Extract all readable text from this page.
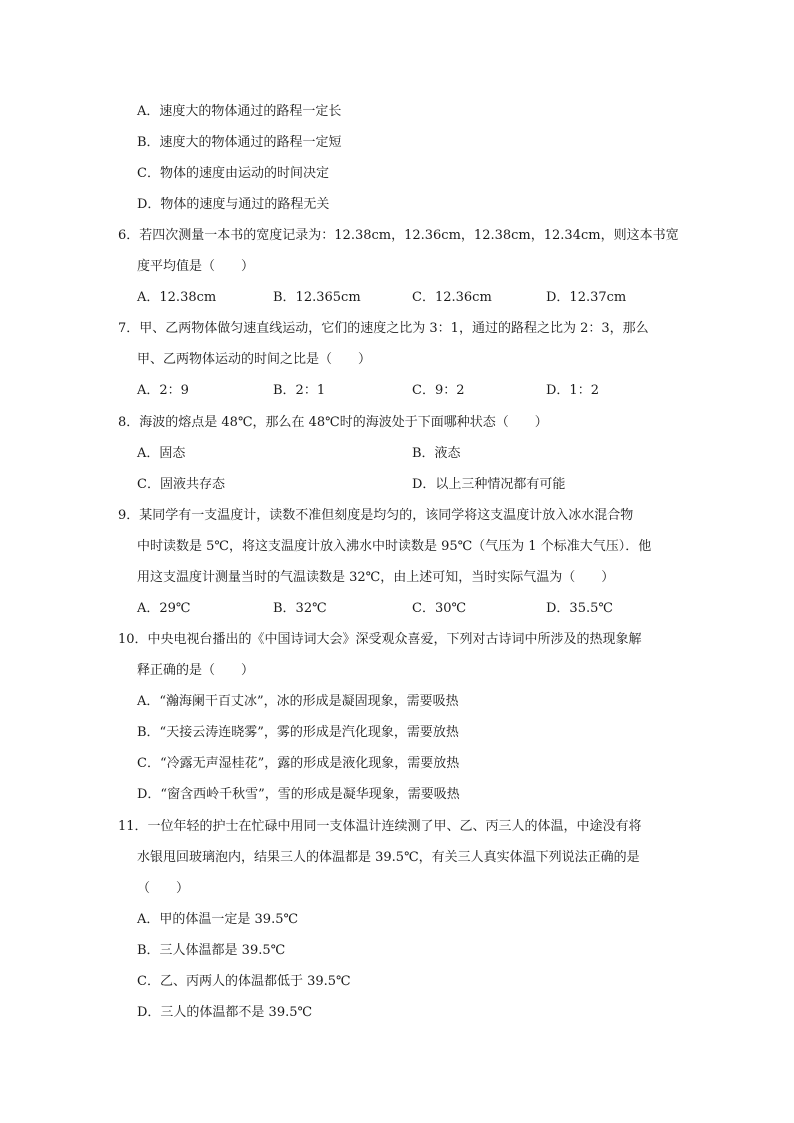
A．速度大的物体通过的路程一定长
B．速度大的物体通过的路程一定短
C．物体的速度由运动的时间决定
D．物体的速度与通过的路程无关
6．若四次测量一本书的宽度记录为：12.38cm，12.36cm，12.38cm，12.34cm，则这本书宽
度平均值是（　　）
A．12.38cm	B．12.365cm	C．12.36cm	D．12.37cm
7．甲、乙两物体做匀速直线运动，它们的速度之比为 3：1，通过的路程之比为 2：3，那么
甲、乙两物体运动的时间之比是（　　）
A．2：9	B．2：1	C．9：2	D．1：2
8．海波的熔点是 48℃，那么在 48℃时的海波处于下面哪种状态（　　）
A．固态	B．液态
C．固液共存态	D．以上三种情况都有可能
9．某同学有一支温度计，读数不准但刻度是均匀的，该同学将这支温度计放入冰水混合物
中时读数是 5℃，将这支温度计放入沸水中时读数是 95℃（气压为 1 个标准大气压）．他
用这支温度计测量当时的气温读数是 32℃，由上述可知，当时实际气温为（　　）
A．29℃	B．32℃	C．30℃	D．35.5℃
10．中央电视台播出的《中国诗词大会》深受观众喜爱，下列对古诗词中所涉及的热现象解
释正确的是（　　）
A．“瀚海阑干百丈冰”，冰的形成是凝固现象，需要吸热
B．“天接云涛连晓雾”，雾的形成是汽化现象，需要放热
C．“冷露无声湿桂花”，露的形成是液化现象，需要放热
D．“窗含西岭千秋雪”，雪的形成是凝华现象，需要吸热
11．一位年轻的护士在忙碌中用同一支体温计连续测了甲、乙、丙三人的体温，中途没有将
水银甩回玻璃泡内，结果三人的体温都是 39.5℃，有关三人真实体温下列说法正确的是
（　　）
A．甲的体温一定是 39.5℃
B．三人体温都是 39.5℃
C．乙、丙两人的体温都低于 39.5℃
D．三人的体温都不是 39.5℃
